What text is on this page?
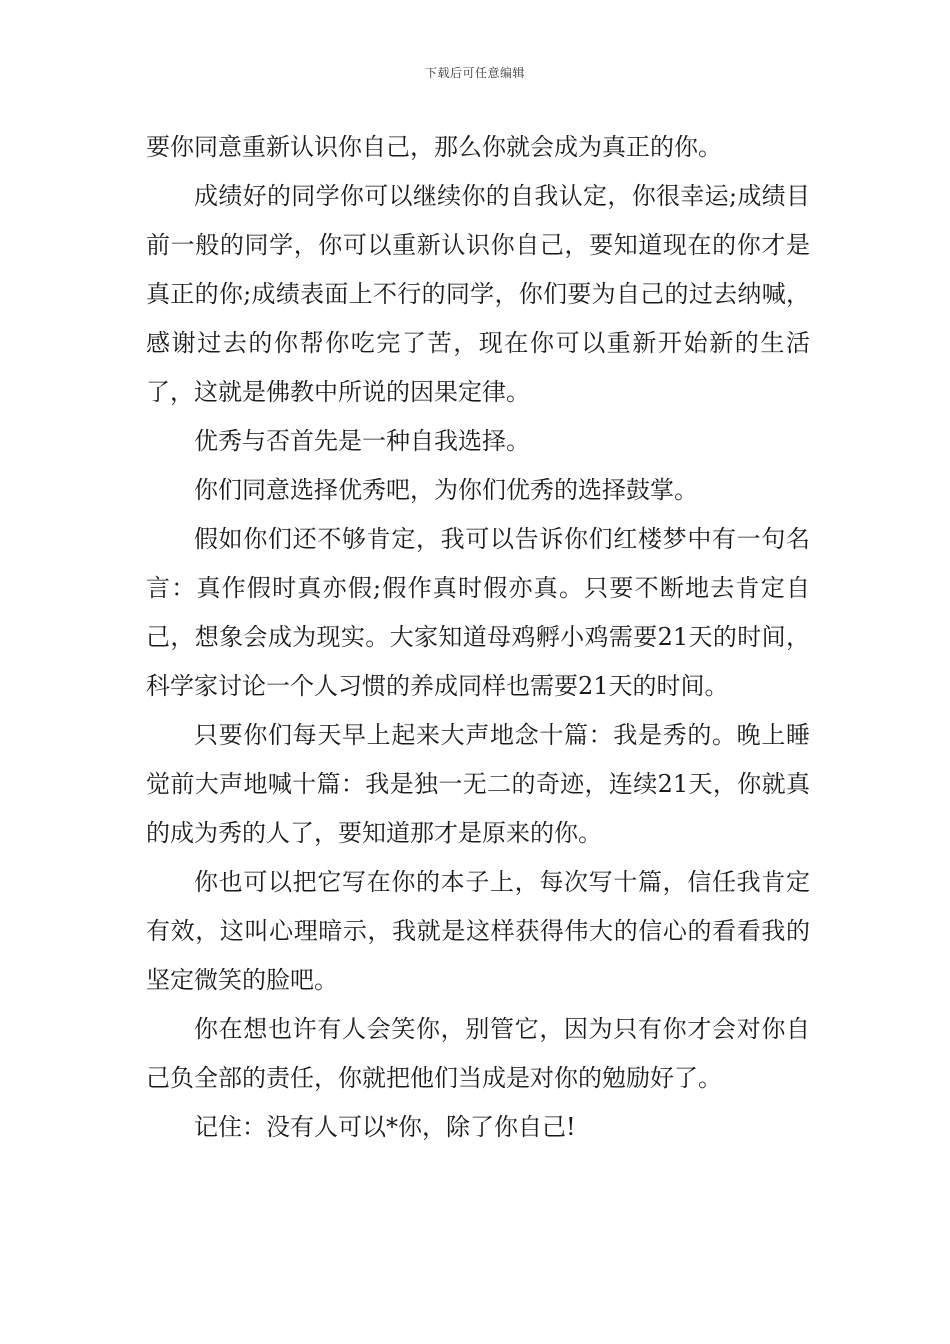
下载后可任意编辑

要你同意重新认识你自己，那么你就会成为真正的你。

成绩好的同学你可以继续你的自我认定，你很幸运;成绩目前一般的同学，你可以重新认识你自己，要知道现在的你才是真正的你;成绩表面上不行的同学，你们要为自己的过去纳喊，感谢过去的你帮你吃完了苦，现在你可以重新开始新的生活了，这就是佛教中所说的因果定律。

优秀与否首先是一种自我选择。

你们同意选择优秀吧，为你们优秀的选择鼓掌。

假如你们还不够肯定，我可以告诉你们红楼梦中有一句名言：真作假时真亦假;假作真时假亦真。只要不断地去肯定自己，想象会成为现实。大家知道母鸡孵小鸡需要21天的时间，科学家讨论一个人习惯的养成同样也需要21天的时间。

只要你们每天早上起来大声地念十篇：我是秀的。晚上睡觉前大声地喊十篇：我是独一无二的奇迹，连续21天，你就真的成为秀的人了，要知道那才是原来的你。

你也可以把它写在你的本子上，每次写十篇，信任我肯定有效，这叫心理暗示，我就是这样获得伟大的信心的看看我的坚定微笑的脸吧。

你在想也许有人会笑你，别管它，因为只有你才会对你自己负全部的责任，你就把他们当成是对你的勉励好了。

记住：没有人可以*你，除了你自己!
